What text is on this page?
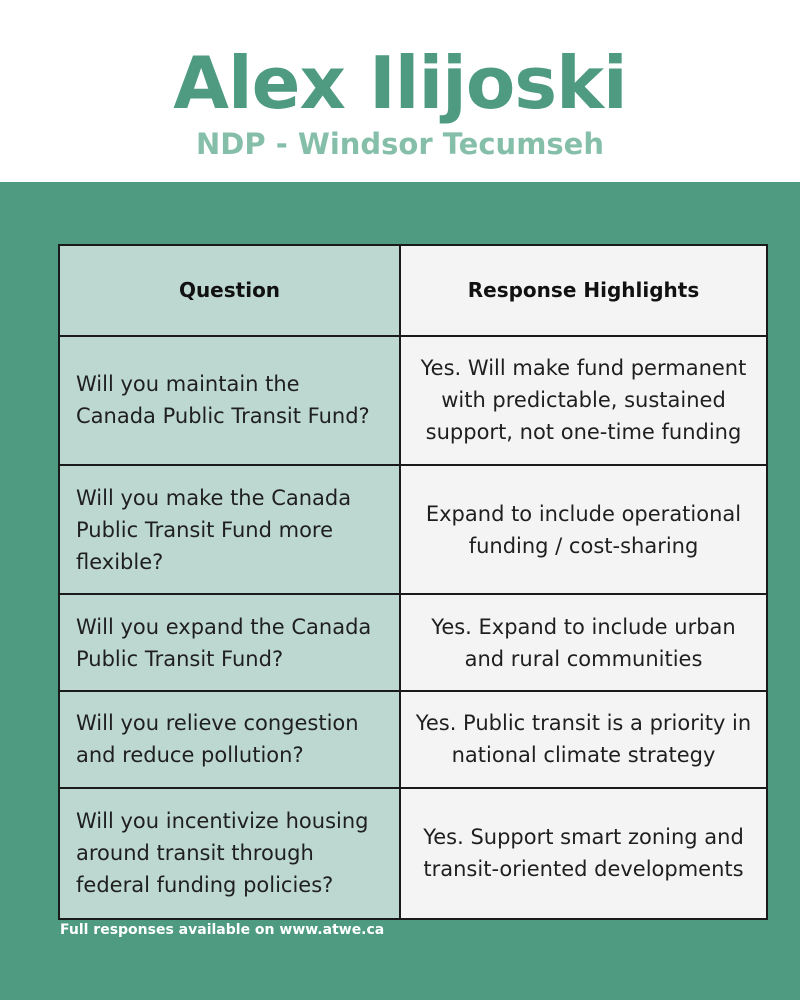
Alex Ilijoski
NDP - Windsor Tecumseh
Question	Response Highlights
Will you maintain the Canada Public Transit Fund?	Yes. Will make fund permanent with predictable, sustained support, not one-time funding
Will you make the Canada Public Transit Fund more flexible?	Expand to include operational funding / cost-sharing
Will you expand the Canada Public Transit Fund?	Yes. Expand to include urban and rural communities
Will you relieve congestion and reduce pollution?	Yes. Public transit is a priority in national climate strategy
Will you incentivize housing around transit through federal funding policies?	Yes. Support smart zoning and transit-oriented developments
Full responses available on www.atwe.ca
